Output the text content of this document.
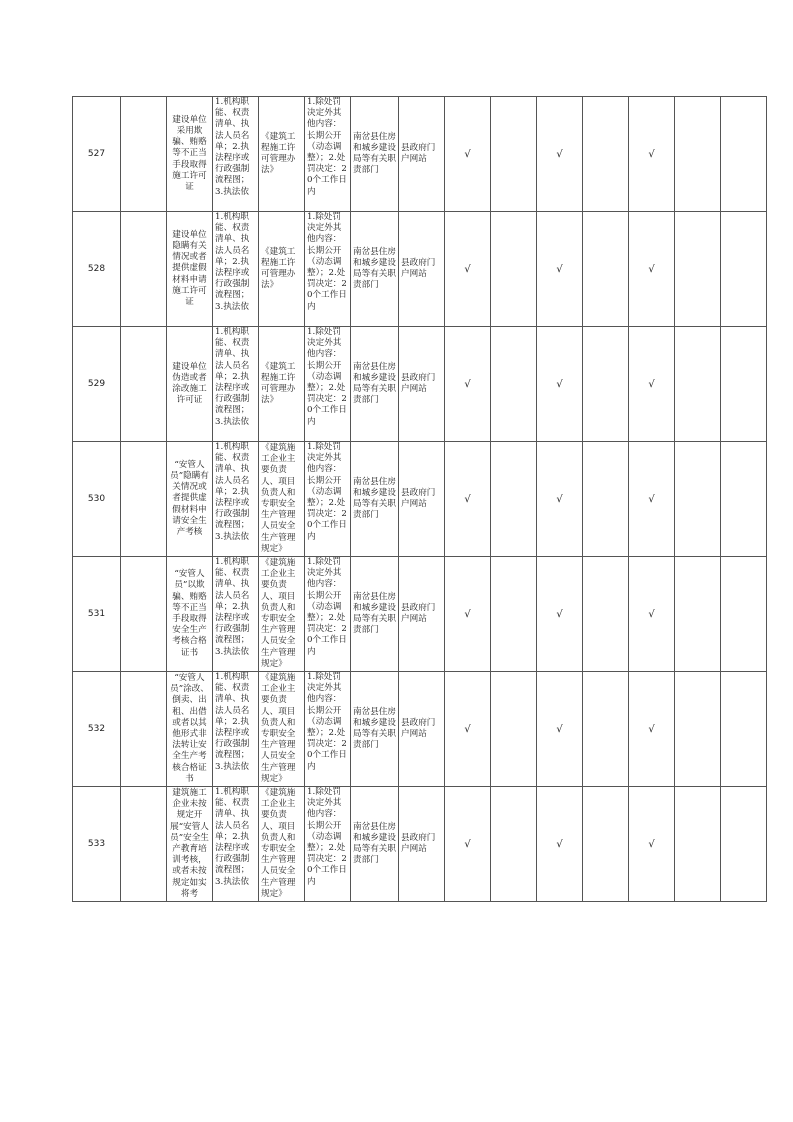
527		建设单位采用欺骗、贿赂等不正当手段取得施工许可证	1.机构职能、权责清单、执法人员名单；2.执法程序或行政强制流程图；3.执法依	《建筑工程施工许可管理办法》	1.除处罚决定外其他内容：长期公开（动态调整）；2.处罚决定：20个工作日内	南岔县住房和城乡建设局等有关职责部门	县政府门户网站	√		√		√		
528		建设单位隐瞒有关情况或者提供虚假材料申请施工许可证	1.机构职能、权责清单、执法人员名单；2.执法程序或行政强制流程图；3.执法依	《建筑工程施工许可管理办法》	1.除处罚决定外其他内容：长期公开（动态调整）；2.处罚决定：20个工作日内	南岔县住房和城乡建设局等有关职责部门	县政府门户网站	√		√		√		
529		建设单位伪造或者涂改施工许可证	1.机构职能、权责清单、执法人员名单；2.执法程序或行政强制流程图；3.执法依	《建筑工程施工许可管理办法》	1.除处罚决定外其他内容：长期公开（动态调整）；2.处罚决定：20个工作日内	南岔县住房和城乡建设局等有关职责部门	县政府门户网站	√		√		√		
530		“安管人员”隐瞒有关情况或者提供虚假材料申请安全生产考核	1.机构职能、权责清单、执法人员名单；2.执法程序或行政强制流程图；3.执法依	《建筑施工企业主要负责人、项目负责人和专职安全生产管理人员安全生产管理规定》	1.除处罚决定外其他内容：长期公开（动态调整）；2.处罚决定：20个工作日内	南岔县住房和城乡建设局等有关职责部门	县政府门户网站	√		√		√		
531		“安管人员”以欺骗、贿赂等不正当手段取得安全生产考核合格证书	1.机构职能、权责清单、执法人员名单；2.执法程序或行政强制流程图；3.执法依	《建筑施工企业主要负责人、项目负责人和专职安全生产管理人员安全生产管理规定》	1.除处罚决定外其他内容：长期公开（动态调整）；2.处罚决定：20个工作日内	南岔县住房和城乡建设局等有关职责部门	县政府门户网站	√		√		√		
532		“安管人员”涂改、倒卖、出租、出借或者以其他形式非法转让安全生产考核合格证书	1.机构职能、权责清单、执法人员名单；2.执法程序或行政强制流程图；3.执法依	《建筑施工企业主要负责人、项目负责人和专职安全生产管理人员安全生产管理规定》	1.除处罚决定外其他内容：长期公开（动态调整）；2.处罚决定：20个工作日内	南岔县住房和城乡建设局等有关职责部门	县政府门户网站	√		√		√		
533		建筑施工企业未按规定开展“安管人员”安全生产教育培训考核，或者未按规定如实将考	1.机构职能、权责清单、执法人员名单；2.执法程序或行政强制流程图；3.执法依	《建筑施工企业主要负责人、项目负责人和专职安全生产管理人员安全生产管理规定》	1.除处罚决定外其他内容：长期公开（动态调整）；2.处罚决定：20个工作日内	南岔县住房和城乡建设局等有关职责部门	县政府门户网站	√		√		√		
